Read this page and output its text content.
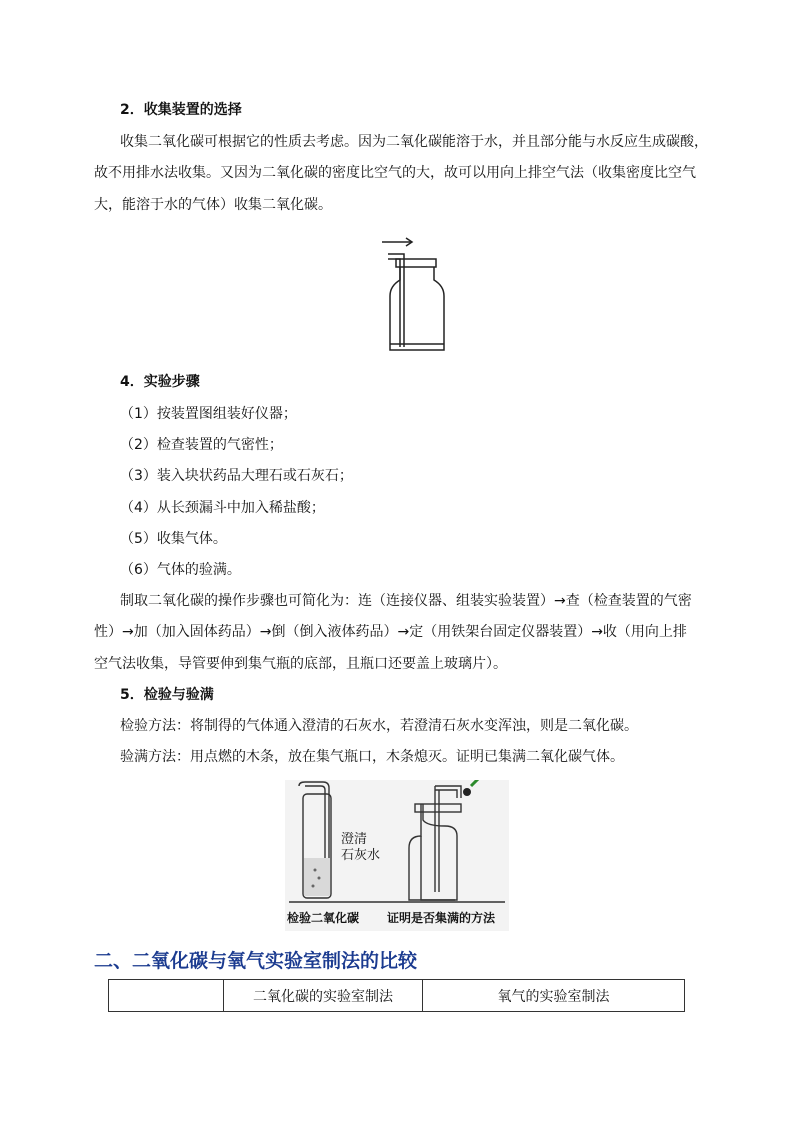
2．收集装置的选择
收集二氧化碳可根据它的性质去考虑。因为二氧化碳能溶于水，并且部分能与水反应生成碳酸，
故不用排水法收集。又因为二氧化碳的密度比空气的大，故可以用向上排空气法（收集密度比空气
大，能溶于水的气体）收集二氧化碳。
4．实验步骤
（1）按装置图组装好仪器；
（2）检查装置的气密性；
（3）装入块状药品大理石或石灰石；
（4）从长颈漏斗中加入稀盐酸；
（5）收集气体。
（6）气体的验满。
制取二氧化碳的操作步骤也可简化为：连（连接仪器、组装实验装置）→查（检查装置的气密
性）→加（加入固体药品）→倒（倒入液体药品）→定（用铁架台固定仪器装置）→收（用向上排
空气法收集，导管要伸到集气瓶的底部，且瓶口还要盖上玻璃片）。
5．检验与验满
检验方法：将制得的气体通入澄清的石灰水，若澄清石灰水变浑浊，则是二氧化碳。
验满方法：用点燃的木条，放在集气瓶口，木条熄灭。证明已集满二氧化碳气体。
澄清
石灰水
检验二氧化碳 证明是否集满的方法
二、二氧化碳与氧气实验室制法的比较
	二氧化碳的实验室制法	氧气的实验室制法
